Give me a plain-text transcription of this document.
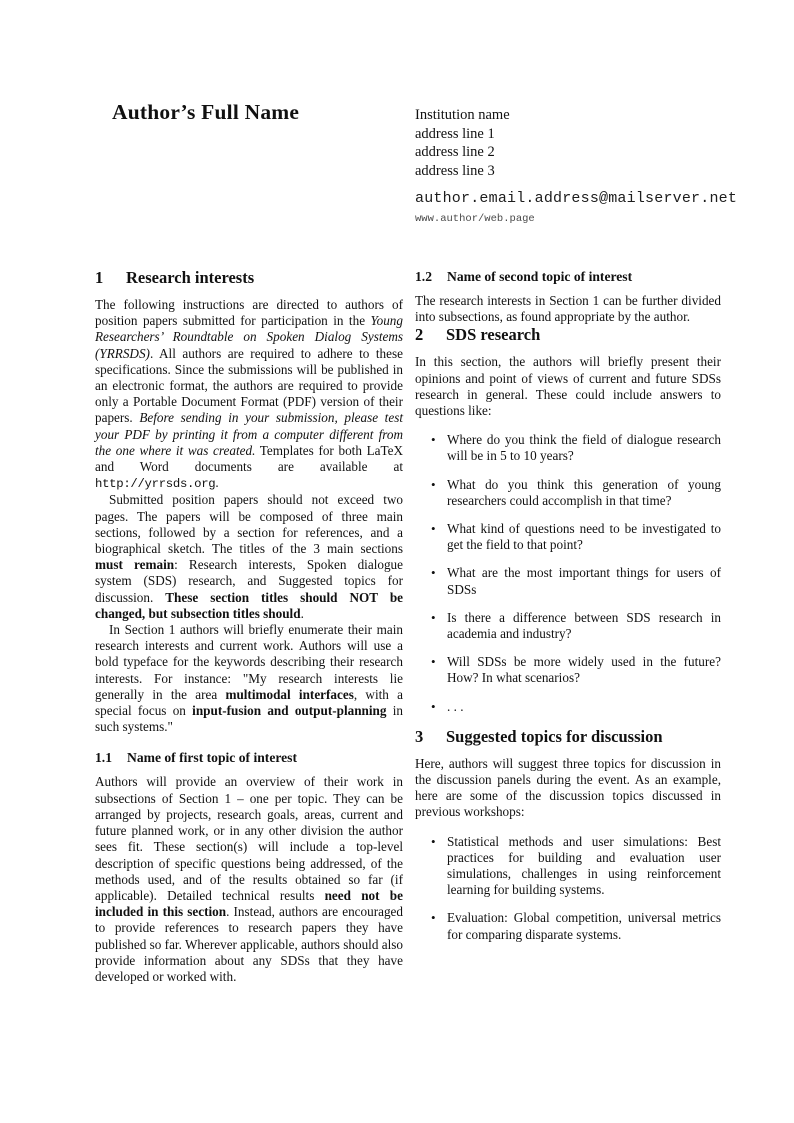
Author’s Full Name	Institution name
address line 1
address line 2
address line 3
author.email.address@mailserver.net
www.author/web.page
1 Research interests

The following instructions are directed to authors of position papers submitted for participation in the Young Researchers’ Roundtable on Spoken Dialog Systems (YRRSDS). All authors are required to adhere to these specifications. Since the submissions will be published in an electronic format, the authors are required to provide only a Portable Document Format (PDF) version of their papers. Before sending in your submission, please test your PDF by printing it from a computer different from the one where it was created. Templates for both LaTeX and Word documents are available at http://yrrsds.org.

Submitted position papers should not exceed two pages. The papers will be composed of three main sections, followed by a section for references, and a biographical sketch. The titles of the 3 main sections must remain: Research interests, Spoken dialogue system (SDS) research, and Suggested topics for discussion. These section titles should NOT be changed, but subsection titles should.

In Section 1 authors will briefly enumerate their main research interests and current work. Authors will use a bold typeface for the keywords describing their research interests. For instance: "My research interests lie generally in the area multimodal interfaces, with a special focus on input-fusion and output-planning in such systems."

1.1 Name of first topic of interest

Authors will provide an overview of their work in subsections of Section 1 – one per topic. They can be arranged by projects, research goals, areas, current and future planned work, or in any other division the author sees fit. These section(s) will include a top-level description of specific questions being addressed, of the methods used, and of the results obtained so far (if applicable). Detailed technical results need not be included in this section. Instead, authors are encouraged to provide references to research papers they have published so far. Wherever applicable, authors should also provide information about any SDSs that they have developed or worked with.

1.2 Name of second topic of interest

The research interests in Section 1 can be further divided into subsections, as found appropriate by the author.

2 SDS research

In this section, the authors will briefly present their opinions and point of views of current and future SDSs research in general. These could include answers to questions like:

• Where do you think the field of dialogue research will be in 5 to 10 years?
• What do you think this generation of young researchers could accomplish in that time?
• What kind of questions need to be investigated to get the field to that point?
• What are the most important things for users of SDSs
• Is there a difference between SDS research in academia and industry?
• Will SDSs be more widely used in the future? How? In what scenarios?
• . . .
3 Suggested topics for discussion

Here, authors will suggest three topics for discussion in the discussion panels during the event. As an example, here are some of the discussion topics discussed in previous workshops:

• Statistical methods and user simulations: Best practices for building and evaluation user simulations, challenges in using reinforcement learning for building systems.
• Evaluation: Global competition, universal metrics for comparing disparate systems.
